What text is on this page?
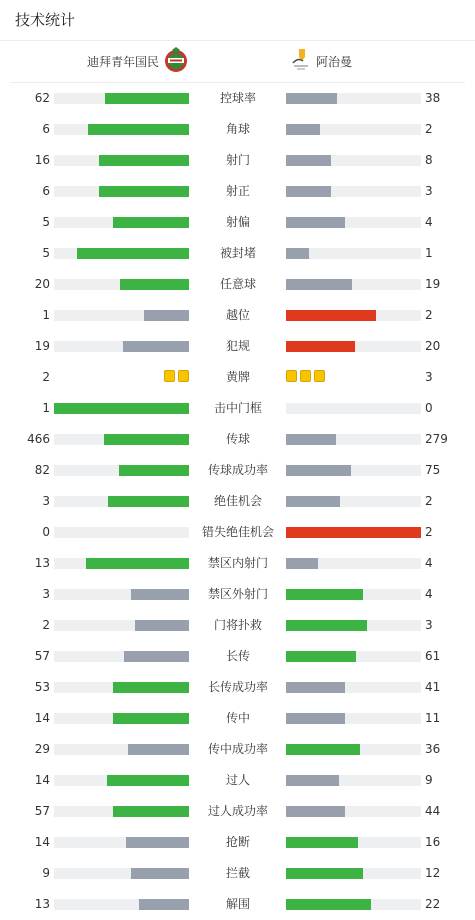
技术统计
迪拜青年国民	阿治曼
62	控球率	38
6	角球	2
16	射门	8
6	射正	3
5	射偏	4
5	被封堵	1
20	任意球	19
1	越位	2
19	犯规	20
2	黄牌	3
1	击中门框	0
466	传球	279
82	传球成功率	75
3	绝佳机会	2
0	错失绝佳机会	2
13	禁区内射门	4
3	禁区外射门	4
2	门将扑救	3
57	长传	61
53	长传成功率	41
14	传中	11
29	传中成功率	36
14	过人	9
57	过人成功率	44
14	抢断	16
9	拦截	12
13	解围	22
